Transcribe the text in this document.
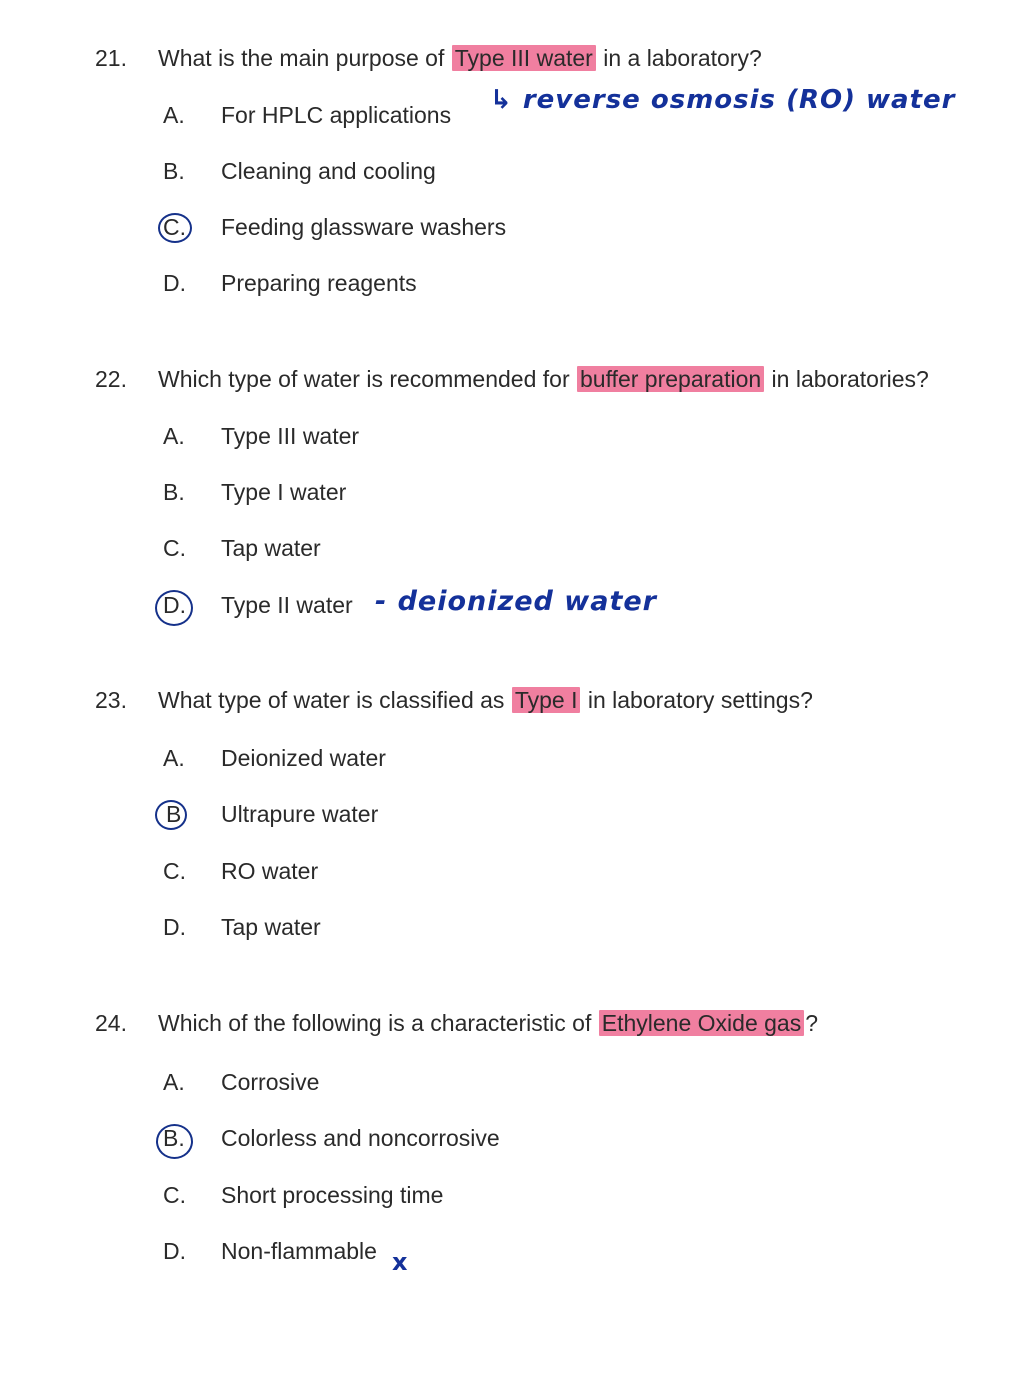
21. What is the main purpose of Type III water in a laboratory?
A. For HPLC applications
B. Cleaning and cooling
C. Feeding glassware washers
D. Preparing reagents
↳ reverse osmosis (RO) water
22. Which type of water is recommended for buffer preparation in laboratories?
A. Type III water
B. Type I water
C. Tap water
D. Type II water - deionized water
23. What type of water is classified as Type I in laboratory settings?
A. Deionized water
B	Ultrapure water
C. RO water
D. Tap water
24. Which of the following is a characteristic of Ethylene Oxide gas ?
A. Corrosive
B. Colorless and noncorrosive
C. Short processing time
D. Non-flammable x
